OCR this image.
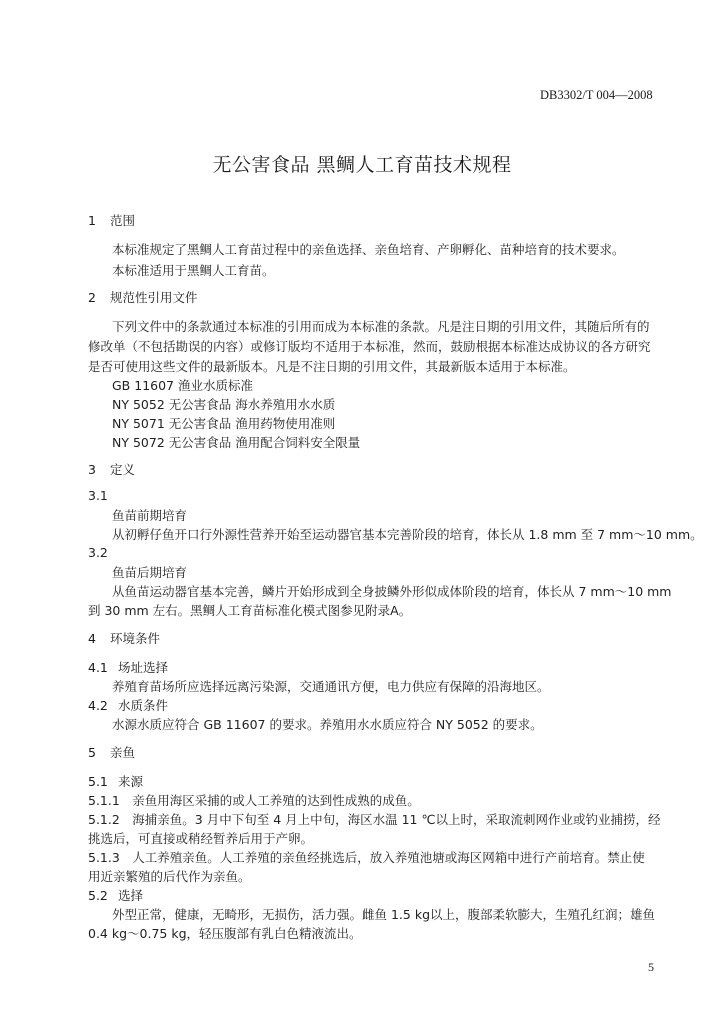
DB3302/T 004—2008
无公害食品 黑鲷人工育苗技术规程
1 范围
本标准规定了黑鲷人工育苗过程中的亲鱼选择、亲鱼培育、产卵孵化、苗种培育的技术要求。
本标准适用于黑鲷人工育苗。
2 规范性引用文件
下列文件中的条款通过本标准的引用而成为本标准的条款。凡是注日期的引用文件，其随后所有的
修改单（不包括勘误的内容）或修订版均不适用于本标准，然而，鼓励根据本标准达成协议的各方研究
是否可使用这些文件的最新版本。凡是不注日期的引用文件，其最新版本适用于本标准。
GB 11607 渔业水质标准
NY 5052 无公害食品 海水养殖用水水质
NY 5071 无公害食品 渔用药物使用准则
NY 5072 无公害食品 渔用配合饲料安全限量
3 定义
3.1
鱼苗前期培育
从初孵仔鱼开口行外源性营养开始至运动器官基本完善阶段的培育，体长从 1.8 mm 至 7 mm～10 mm。
3.2
鱼苗后期培育
从鱼苗运动器官基本完善，鳞片开始形成到全身披鳞外形似成体阶段的培育，体长从 7 mm～10 mm
到 30 mm 左右。黑鲷人工育苗标准化模式图参见附录A。
4 环境条件
4.1 场址选择
养殖育苗场所应选择远离污染源，交通通讯方便，电力供应有保障的沿海地区。
4.2 水质条件
水源水质应符合 GB 11607 的要求。养殖用水水质应符合 NY 5052 的要求。
5 亲鱼
5.1 来源
5.1.1　亲鱼用海区采捕的或人工养殖的达到性成熟的成鱼。
5.1.2　海捕亲鱼。3 月中下旬至 4 月上中旬，海区水温 11 ℃以上时，采取流刺网作业或钓业捕捞，经
挑选后，可直接或稍经暂养后用于产卵。
5.1.3　人工养殖亲鱼。人工养殖的亲鱼经挑选后，放入养殖池塘或海区网箱中进行产前培育。禁止使
用近亲繁殖的后代作为亲鱼。
5.2 选择
外型正常，健康，无畸形，无损伤，活力强。雌鱼 1.5 kg以上，腹部柔软膨大，生殖孔红润；雄鱼
0.4 kg～0.75 kg，轻压腹部有乳白色精液流出。
5
